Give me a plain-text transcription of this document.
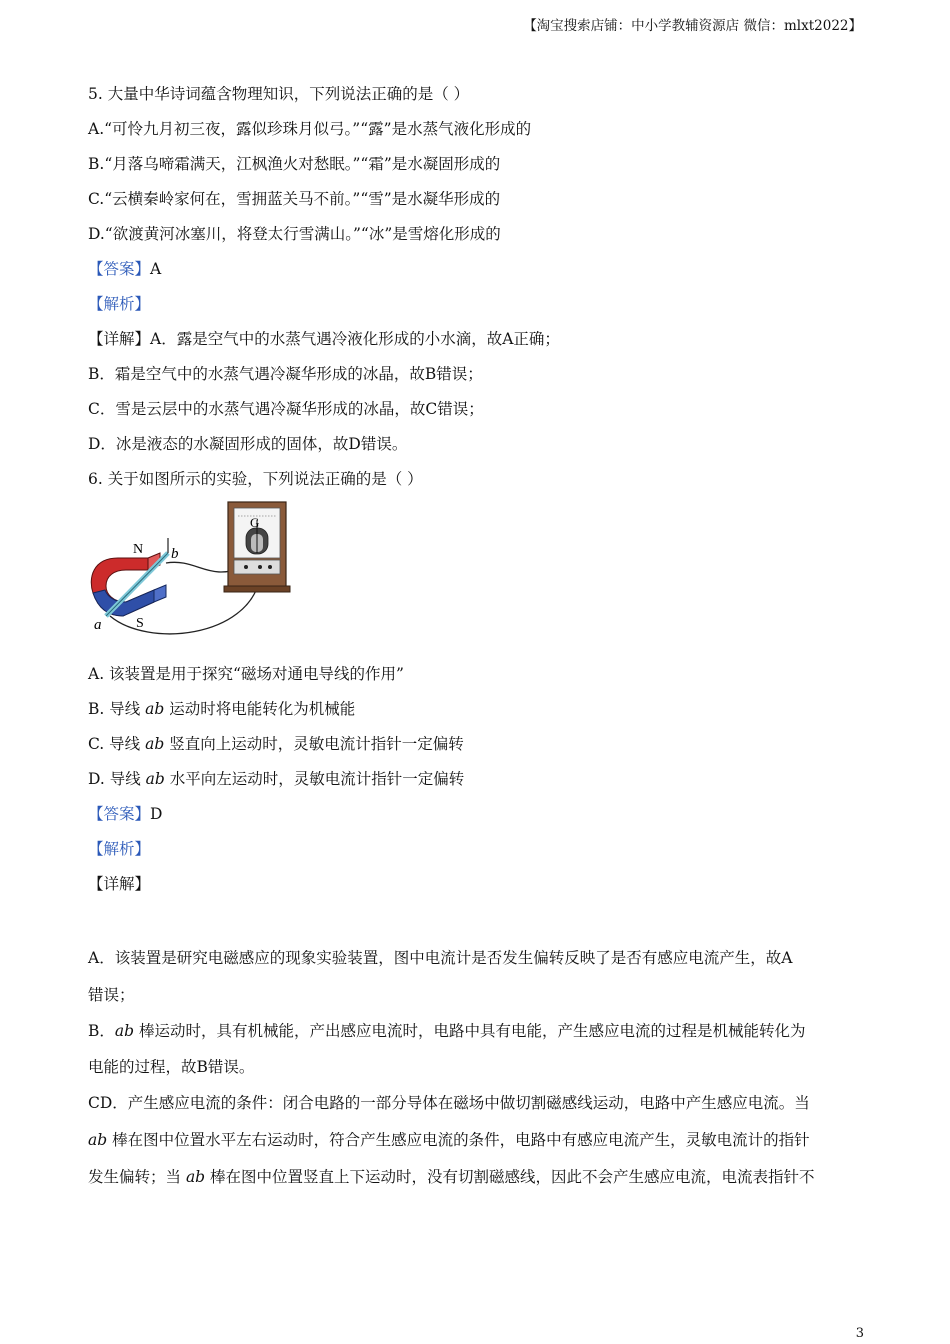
【淘宝搜索店铺：中小学教辅资源店 微信：mlxt2022】
5. 大量中华诗词蕴含物理知识，下列说法正确的是（ ）
A.“可怜九月初三夜，露似珍珠月似弓。”“露”是水蒸气液化形成的
B.“月落乌啼霜满天，江枫渔火对愁眠。”“霜”是水凝固形成的
C.“云横秦岭家何在，雪拥蓝关马不前。”“雪”是水凝华形成的
D.“欲渡黄河冰塞川，将登太行雪满山。”“冰”是雪熔化形成的
【答案】A
【解析】
【详解】A．露是空气中的水蒸气遇冷液化形成的小水滴，故A正确；
B．霜是空气中的水蒸气遇冷凝华形成的冰晶，故B错误；
C．雪是云层中的水蒸气遇冷凝华形成的冰晶，故C错误；
D．冰是液态的水凝固形成的固体，故D错误。
6. 关于如图所示的实验，下列说法正确的是（ ）
N
S
a
b
G
A. 该装置是用于探究“磁场对通电导线的作用”
B. 导线 ab 运动时将电能转化为机械能
C. 导线 ab 竖直向上运动时，灵敏电流计指针一定偏转
D. 导线 ab 水平向左运动时，灵敏电流计指针一定偏转
【答案】D
【解析】
【详解】
A．该装置是研究电磁感应的现象实验装置，图中电流计是否发生偏转反映了是否有感应电流产生，故A
错误；
B．ab 棒运动时，具有机械能，产出感应电流时，电路中具有电能，产生感应电流的过程是机械能转化为
电能的过程，故B错误。
CD．产生感应电流的条件：闭合电路的一部分导体在磁场中做切割磁感线运动，电路中产生感应电流。当
ab 棒在图中位置水平左右运动时，符合产生感应电流的条件，电路中有感应电流产生，灵敏电流计的指针
发生偏转；当 ab 棒在图中位置竖直上下运动时，没有切割磁感线，因此不会产生感应电流，电流表指针不
3
